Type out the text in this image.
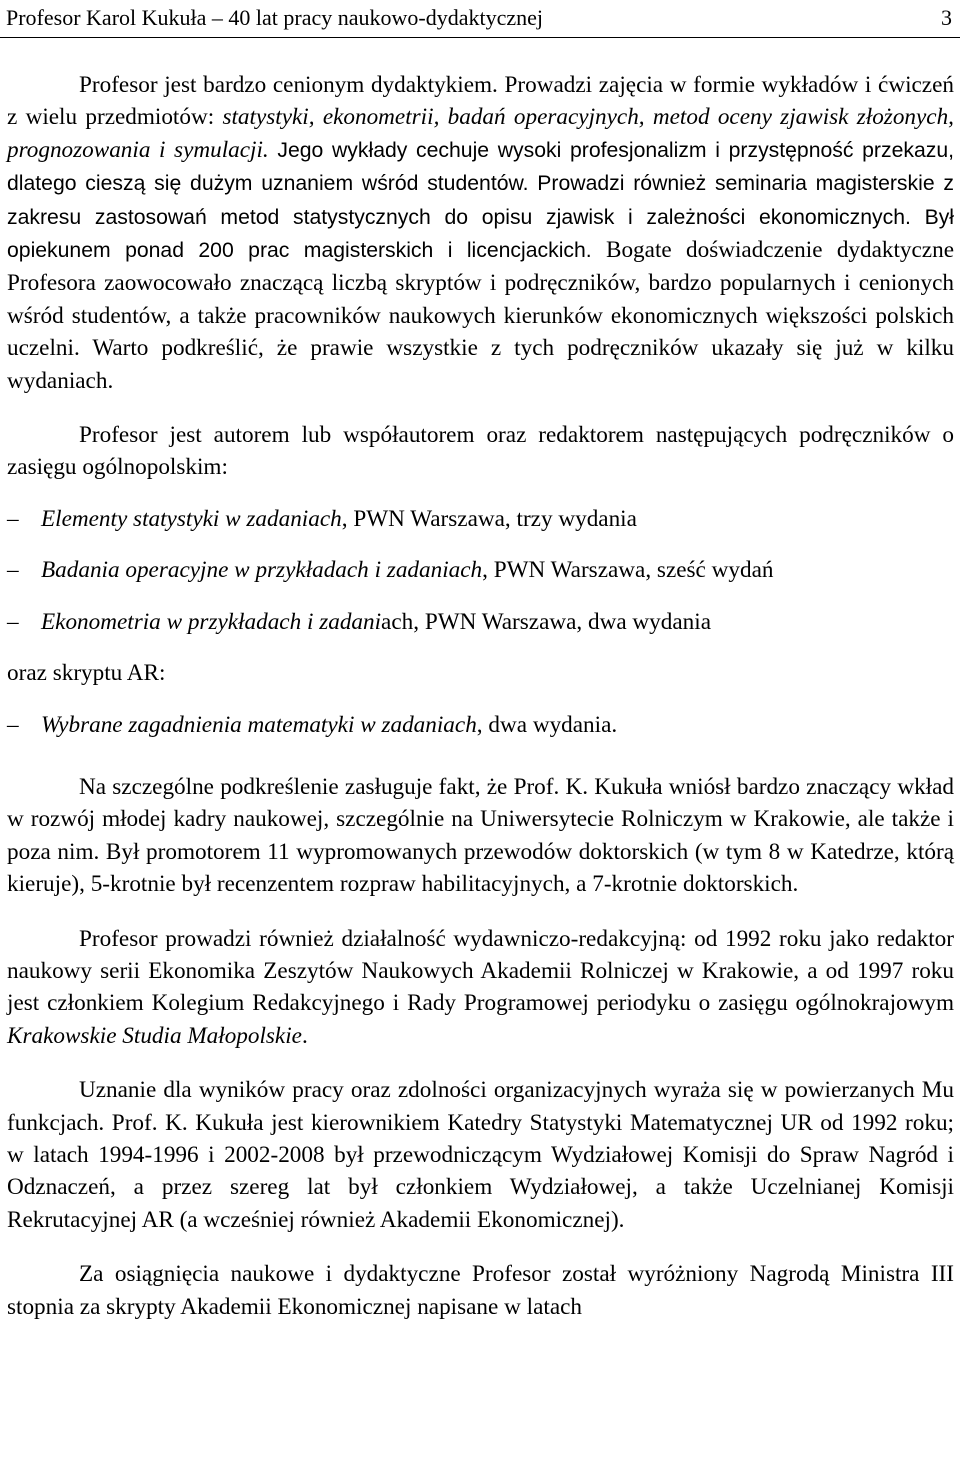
Profesor Karol Kukuła – 40 lat pracy naukowo-dydaktycznej	3

Profesor jest bardzo cenionym dydaktykiem. Prowadzi zajęcia w formie wykładów i ćwiczeń z wielu przedmiotów: statystyki, ekonometrii, badań operacyjnych, metod oceny zjawisk złożonych, prognozowania i symulacji. Jego wykłady cechuje wysoki profesjonalizm i przystępność przekazu, dlatego cieszą się dużym uznaniem wśród studentów. Prowadzi również seminaria magisterskie z zakresu zastosowań metod statystycznych do opisu zjawisk i zależności ekonomicznych. Był opiekunem ponad 200 prac magisterskich i licencjackich. Bogate doświadczenie dydaktyczne Profesora zaowocowało znaczącą liczbą skryptów i podręczników, bardzo popularnych i cenionych wśród studentów, a także pracowników naukowych kierunków ekonomicznych większości polskich uczelni. Warto podkreślić, że prawie wszystkie z tych podręczników ukazały się już w kilku wydaniach.

Profesor jest autorem lub współautorem oraz redaktorem następujących podręczników o zasięgu ogólnopolskim:

– Elementy statystyki w zadaniach, PWN Warszawa, trzy wydania
– Badania operacyjne w przykładach i zadaniach, PWN Warszawa, sześć wydań
– Ekonometria w przykładach i zadaniach, PWN Warszawa, dwa wydania
oraz skryptu AR:
– Wybrane zagadnienia matematyki w zadaniach, dwa wydania.

Na szczególne podkreślenie zasługuje fakt, że Prof. K. Kukuła wniósł bardzo znaczący wkład w rozwój młodej kadry naukowej, szczególnie na Uniwersytecie Rolniczym w Krakowie, ale także i poza nim. Był promotorem 11 wypromowanych przewodów doktorskich (w tym 8 w Katedrze, którą kieruje), 5-krotnie był recenzentem rozpraw habilitacyjnych, a 7-krotnie doktorskich.

Profesor prowadzi również działalność wydawniczo-redakcyjną: od 1992 roku jako redaktor naukowy serii Ekonomika Zeszytów Naukowych Akademii Rolniczej w Krakowie, a od 1997 roku jest członkiem Kolegium Redakcyjnego i Rady Programowej periodyku o zasięgu ogólnokrajowym Krakowskie Studia Małopolskie.

Uznanie dla wyników pracy oraz zdolności organizacyjnych wyraża się w powierzanych Mu funkcjach. Prof. K. Kukuła jest kierownikiem Katedry Statystyki Matematycznej UR od 1992 roku; w latach 1994-1996 i 2002-2008 był przewodniczącym Wydziałowej Komisji do Spraw Nagród i Odznaczeń, a przez szereg lat był członkiem Wydziałowej, a także Uczelnianej Komisji Rekrutacyjnej AR (a wcześniej również Akademii Ekonomicznej).

Za osiągnięcia naukowe i dydaktyczne Profesor został wyróżniony Nagrodą Ministra III stopnia za skrypty Akademii Ekonomicznej napisane w latach
